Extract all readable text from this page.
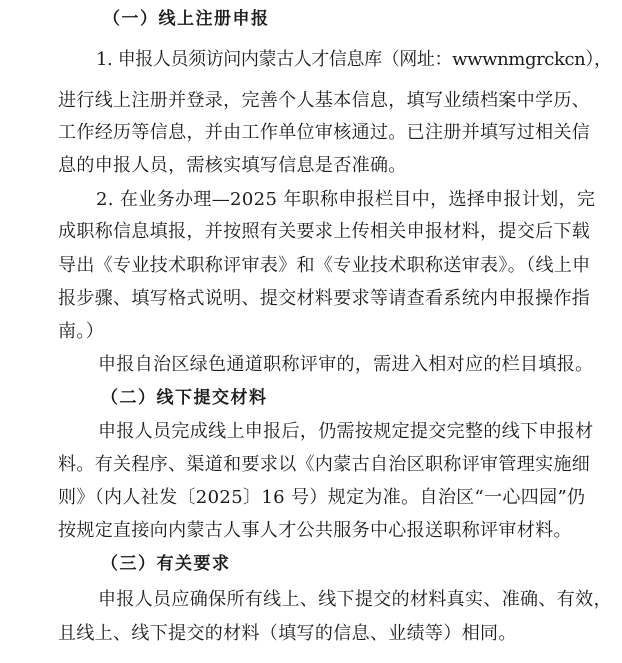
（一）线上注册申报
1. 申报人员须访问内蒙古人才信息库（网址：wwwnmgrckcn），
进行线上注册并登录，完善个人基本信息，填写业绩档案中学历、
工作经历等信息，并由工作单位审核通过。已注册并填写过相关信
息的申报人员，需核实填写信息是否准确。
2. 在业务办理—2025 年职称申报栏目中，选择申报计划，完
成职称信息填报，并按照有关要求上传相关申报材料，提交后下载
导出《专业技术职称评审表》和《专业技术职称送审表》。（线上申
报步骤、填写格式说明、提交材料要求等请查看系统内申报操作指
南。）
申报自治区绿色通道职称评审的，需进入相对应的栏目填报。
（二）线下提交材料
申报人员完成线上申报后，仍需按规定提交完整的线下申报材
料。有关程序、渠道和要求以《内蒙古自治区职称评审管理实施细
则》（内人社发〔2025〕16 号）规定为准。自治区“一心四园”仍
按规定直接向内蒙古人事人才公共服务中心报送职称评审材料。
（三）有关要求
申报人员应确保所有线上、线下提交的材料真实、准确、有效，
且线上、线下提交的材料（填写的信息、业绩等）相同。
